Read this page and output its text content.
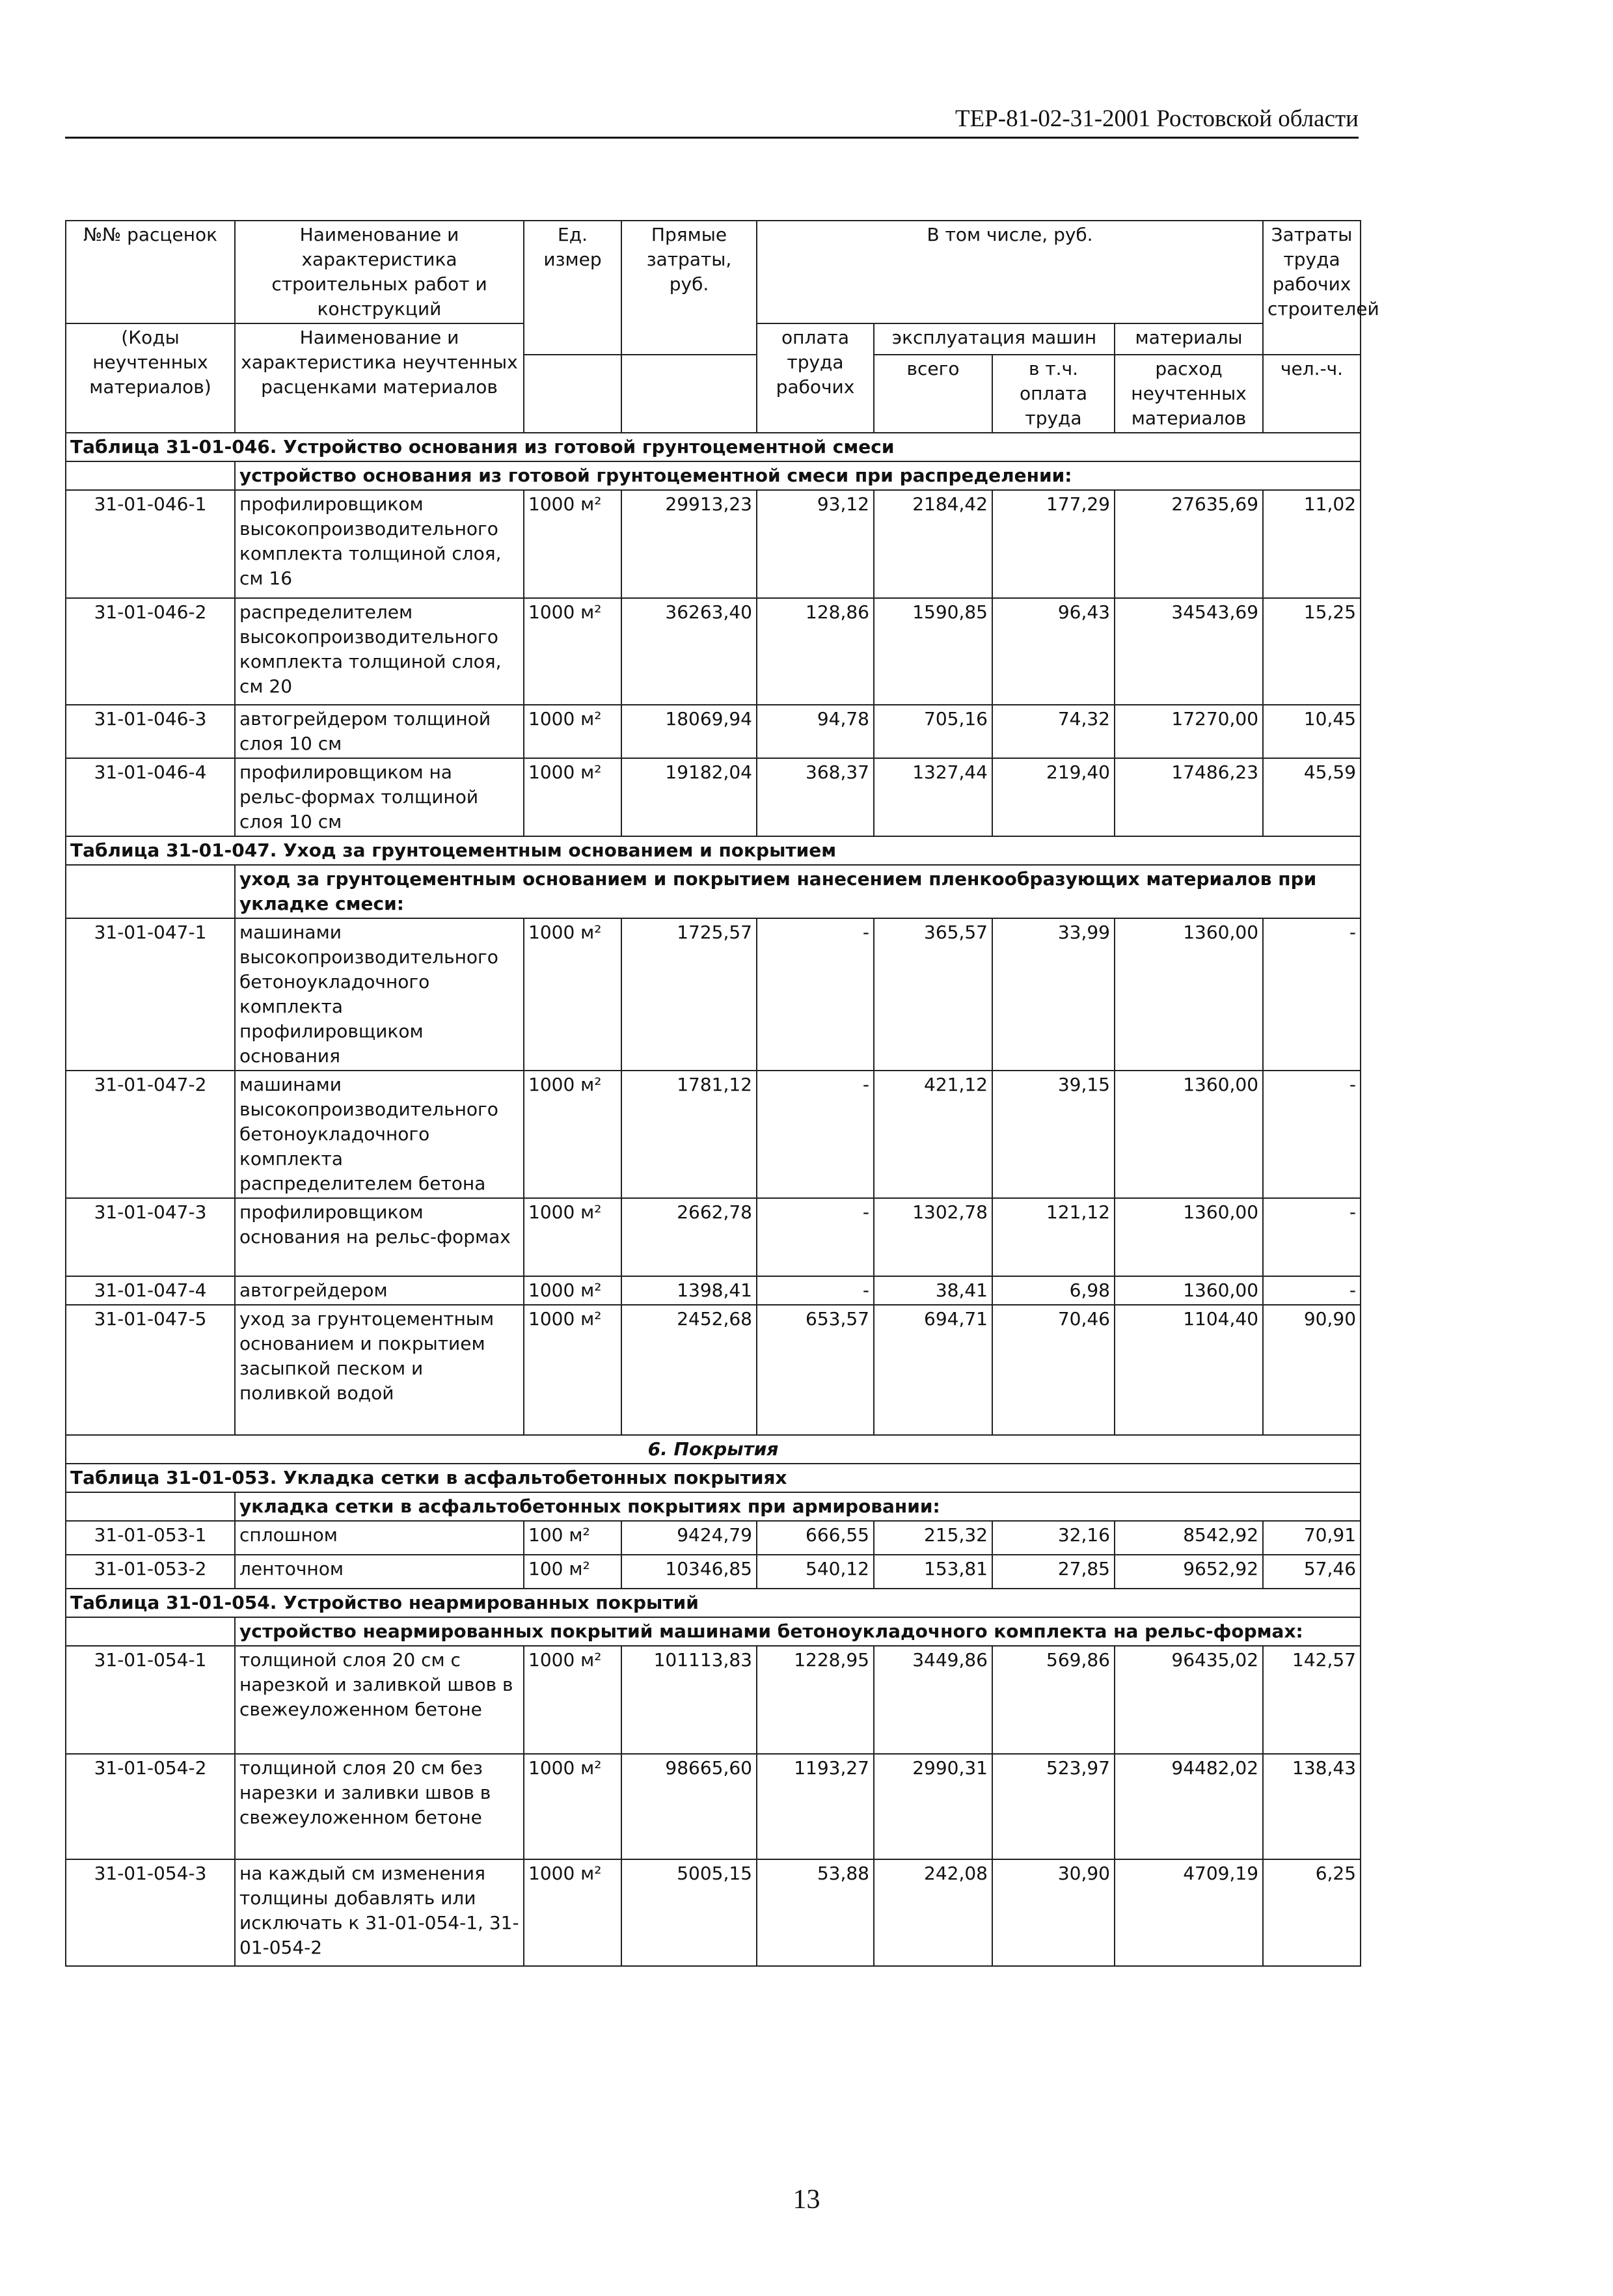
ТЕР-81-02-31-2001 Ростовской области
№№ расценок	Наименование и характеристика строительных работ и конструкций	Ед. измер	Прямые затраты, руб.	В том числе, руб.				Затраты труда рабочих строителей
(Коды неучтенных материалов)	Наименование и характеристика неучтенных расценками материалов			оплата труда рабочих	эксплуатация машин		материалы	
					всего	в т.ч. оплата труда	расход неучтенных материалов	чел.-ч.
Таблица 31-01-046. Устройство основания из готовой грунтоцементной смеси								
	устройство основания из готовой грунтоцементной смеси при распределении:							
31-01-046-1	профилировщиком высокопроизводительного комплекта толщиной слоя, см 16	1000 м²	29913,23	93,12	2184,42	177,29	27635,69	11,02
31-01-046-2	распределителем высокопроизводительного комплекта толщиной слоя, см 20	1000 м²	36263,40	128,86	1590,85	96,43	34543,69	15,25
31-01-046-3	автогрейдером толщиной слоя 10 см	1000 м²	18069,94	94,78	705,16	74,32	17270,00	10,45
31-01-046-4	профилировщиком на рельс-формах толщиной слоя 10 см	1000 м²	19182,04	368,37	1327,44	219,40	17486,23	45,59
Таблица 31-01-047. Уход за грунтоцементным основанием и покрытием								
	уход за грунтоцементным основанием и покрытием нанесением пленкообразующих материалов при укладке смеси:							
31-01-047-1	машинами высокопроизводительного бетоноукладочного комплекта профилировщиком основания	1000 м²	1725,57	-	365,57	33,99	1360,00	-
31-01-047-2	машинами высокопроизводительного бетоноукладочного комплекта распределителем бетона	1000 м²	1781,12	-	421,12	39,15	1360,00	-
31-01-047-3	профилировщиком основания на рельс-формах	1000 м²	2662,78	-	1302,78	121,12	1360,00	-
31-01-047-4	автогрейдером	1000 м²	1398,41	-	38,41	6,98	1360,00	-
31-01-047-5	уход за грунтоцементным основанием и покрытием засыпкой песком и поливкой водой	1000 м²	2452,68	653,57	694,71	70,46	1104,40	90,90
6. Покрытия								
Таблица 31-01-053. Укладка сетки в асфальтобетонных покрытиях								
	укладка сетки в асфальтобетонных покрытиях при армировании:							
31-01-053-1	сплошном	100 м²	9424,79	666,55	215,32	32,16	8542,92	70,91
31-01-053-2	ленточном	100 м²	10346,85	540,12	153,81	27,85	9652,92	57,46
Таблица 31-01-054. Устройство неармированных покрытий								
	устройство неармированных покрытий машинами бетоноукладочного комплекта на рельс-формах:							
31-01-054-1	толщиной слоя 20 см с нарезкой и заливкой швов в свежеуложенном бетоне	1000 м²	101113,83	1228,95	3449,86	569,86	96435,02	142,57
31-01-054-2	толщиной слоя 20 см без нарезки и заливки швов в свежеуложенном бетоне	1000 м²	98665,60	1193,27	2990,31	523,97	94482,02	138,43
31-01-054-3	на каждый см изменения толщины добавлять или исключать к 31-01-054-1, 31-01-054-2	1000 м²	5005,15	53,88	242,08	30,90	4709,19	6,25
13
